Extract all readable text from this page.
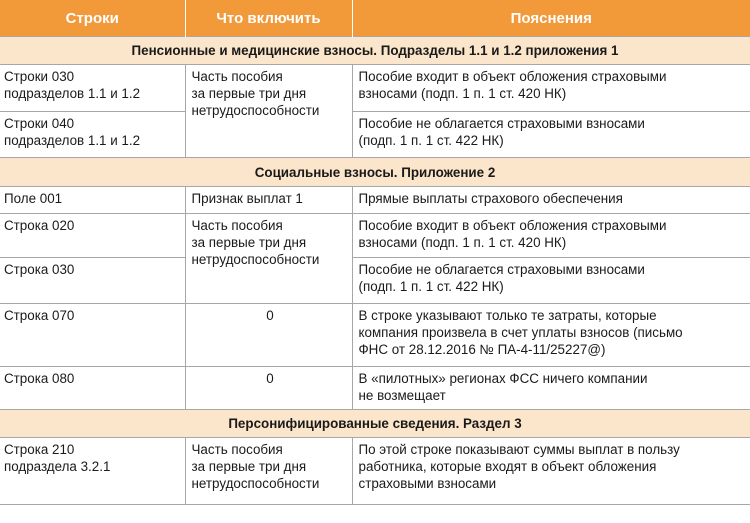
Строки	Что включить	Пояснения
Пенсионные и медицинские взносы. Подразделы 1.1 и 1.2 приложения 1		

Строки 030
подразделов 1.1 и 1.2	Часть пособия
за первые три дня
нетрудоспособности	Пособие входит в объект обложения страховыми
взносами (подп. 1 п. 1 ст. 420 НК)

Строки 040
подразделов 1.1 и 1.2		Пособие не облагается страховыми взносами
(подп. 1 п. 1 ст. 422 НК)

Социальные взносы. Приложение 2		
Поле 001	Признак выплат 1	Прямые выплаты страхового обеспечения
Строка 020	Часть пособия
за первые три дня
нетрудоспособности	Пособие входит в объект обложения страховыми
взносами (подп. 1 п. 1 ст. 420 НК)

Строка 030		Пособие не облагается страховыми взносами
(подп. 1 п. 1 ст. 422 НК)

Строка 070	0	В строке указывают только те затраты, которые
компания произвела в счет уплаты взносов (письмо
ФНС от 28.12.2016 № ПА-4-11/25227@)

Строка 080	0	В «пилотных» регионах ФСС ничего компании
не возмещает

Персонифицированные сведения. Раздел 3		

Строка 210
подраздела 3.2.1	Часть пособия
за первые три дня
нетрудоспособности	По этой строке показывают суммы выплат в пользу
работника, которые входят в объект обложения
страховыми взносами
